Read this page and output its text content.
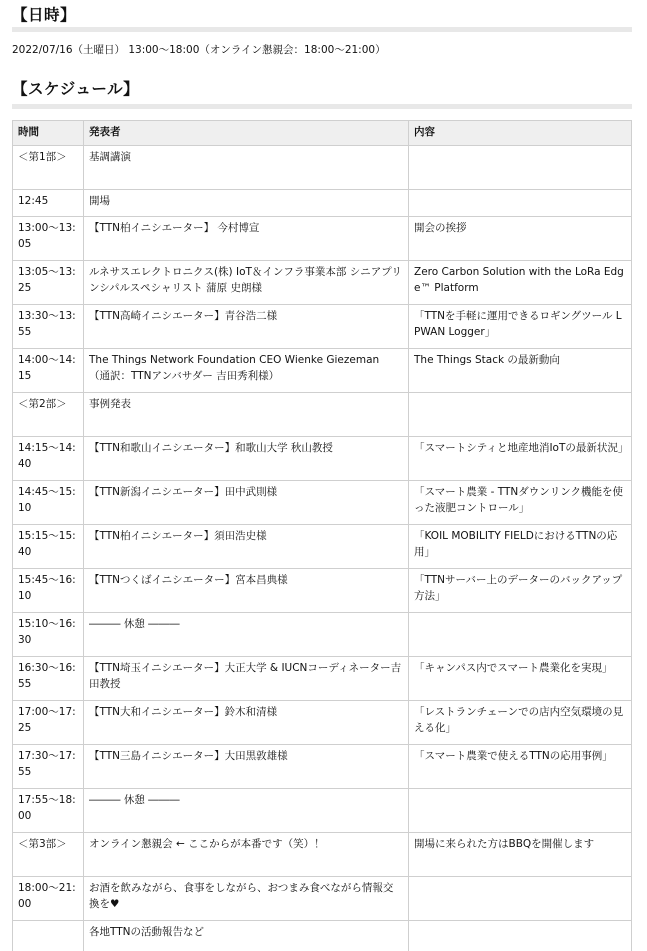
【日時】
2022/07/16（土曜日） 13:00～18:00（オンライン懇親会：18:00～21:00）
【スケジュール】
時間	発表者	内容
＜第1部＞	基調講演	
12:45	開場	
13:00～13:05	【TTN柏イニシエーター】 今村博宣	開会の挨拶
13:05～13:25	ルネサスエレクトロニクス(株) IoT＆インフラ事業本部 シニアプリンシパルスペシャリスト 蒲原 史朗様	Zero Carbon Solution with the LoRa Edge™ Platform
13:30～13:55	【TTN高崎イニシエーター】青谷浩二様	「TTNを手軽に運用できるロギングツール LPWAN Logger」
14:00～14:15	The Things Network Foundation CEO Wienke Giezeman （通訳：TTNアンバサダー 吉田秀利様）	The Things Stack の最新動向
＜第2部＞	事例発表	
14:15～14:40	【TTN和歌山イニシエーター】和歌山大学 秋山教授	「スマートシティと地産地消IoTの最新状況」
14:45～15:10	【TTN新潟イニシエーター】田中武則様	「スマート農業 - TTNダウンリンク機能を使った液肥コントロール」
15:15～15:40	【TTN柏イニシエーター】須田浩史様	「KOIL MOBILITY FIELDにおけるTTNの応用」
15:45～16:10	【TTNつくばイニシエーター】宮本昌典様	「TTNサーバー上のデーターのバックアップ方法」
15:10～16:30	――― 休憩 ―――	
16:30～16:55	【TTN埼玉イニシエーター】大正大学 & IUCNコーディネーター吉田教授	「キャンパス内でスマート農業化を実現」
17:00～17:25	【TTN大和イニシエーター】鈴木和清様	「レストランチェーンでの店内空気環境の見える化」
17:30～17:55	【TTN三島イニシエーター】大田黒敦雄様	「スマート農業で使えるTTNの応用事例」
17:55～18:00	――― 休憩 ―――	
＜第3部＞	オンライン懇親会 ← ここからが本番です（笑）！	開場に来られた方はBBQを開催します
18:00～21:00	お酒を飲みながら、食事をしながら、おつまみ食べながら情報交換を♥	
	各地TTNの活動報告など	
